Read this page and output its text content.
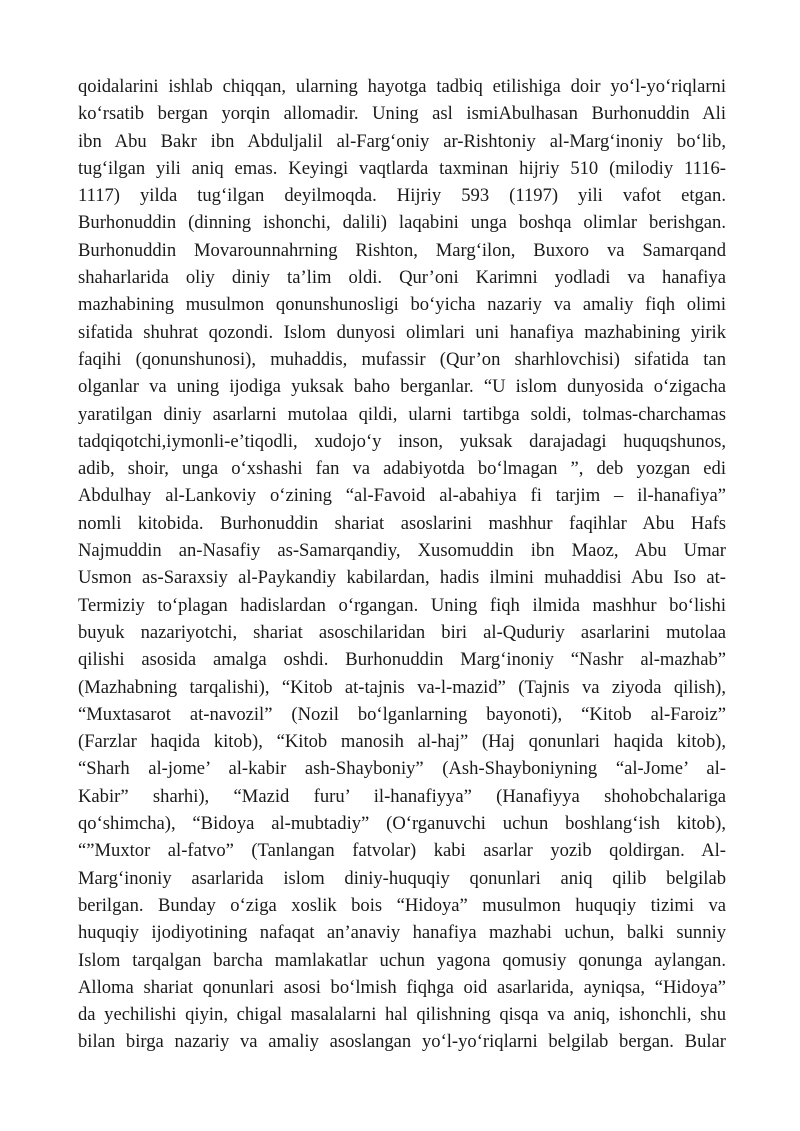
qoidalarini ishlab chiqqan, ularning hayotga tadbiq etilishiga doir yo‘l-yo‘riqlarni
ko‘rsatib bergan yorqin allomadir. Uning asl ismiAbulhasan Burhonuddin Ali
ibn Abu Bakr ibn Abduljalil al-Farg‘oniy ar-Rishtoniy al-Marg‘inoniy bo‘lib,
tug‘ilgan yili aniq emas. Keyingi vaqtlarda taxminan hijriy 510 (milodiy 1116-
1117) yilda tug‘ilgan deyilmoqda. Hijriy 593 (1197) yili vafot etgan.
Burhonuddin (dinning ishonchi, dalili) laqabini unga boshqa olimlar berishgan.
Burhonuddin Movarounnahrning Rishton, Marg‘ilon, Buxoro va Samarqand
shaharlarida oliy diniy ta’lim oldi. Qur’oni Karimni yodladi va hanafiya
mazhabining musulmon qonunshunosligi bo‘yicha nazariy va amaliy fiqh olimi
sifatida shuhrat qozondi. Islom dunyosi olimlari uni hanafiya mazhabining yirik
faqihi (qonunshunosi), muhaddis, mufassir (Qur’on sharhlovchisi) sifatida tan
olganlar va uning ijodiga yuksak baho berganlar. “U islom dunyosida o‘zigacha
yaratilgan diniy asarlarni mutolaa qildi, ularni tartibga soldi, tolmas-charchamas
tadqiqotchi,iymonli-e’tiqodli, xudojo‘y inson, yuksak darajadagi huquqshunos,
adib, shoir, unga o‘xshashi fan va adabiyotda bo‘lmagan ”, deb yozgan edi
Abdulhay al-Lankoviy o‘zining “al-Favoid al-abahiya fi tarjim – il-hanafiya”
nomli kitobida. Burhonuddin shariat asoslarini mashhur faqihlar Abu Hafs
Najmuddin an-Nasafiy as-Samarqandiy, Xusomuddin ibn Maoz, Abu Umar
Usmon as-Saraxsiy al-Paykandiy kabilardan, hadis ilmini muhaddisi Abu Iso at-
Termiziy to‘plagan hadislardan o‘rgangan. Uning fiqh ilmida mashhur bo‘lishi
buyuk nazariyotchi, shariat asoschilaridan biri al-Quduriy asarlarini mutolaa
qilishi asosida amalga oshdi. Burhonuddin Marg‘inoniy “Nashr al-mazhab”
(Mazhabning tarqalishi), “Kitob at-tajnis va-l-mazid” (Tajnis va ziyoda qilish),
“Muxtasarot at-navozil” (Nozil bo‘lganlarning bayonoti), “Kitob al-Faroiz”
(Farzlar haqida kitob), “Kitob manosih al-haj” (Haj qonunlari haqida kitob),
“Sharh al-jome’ al-kabir ash-Shayboniy” (Ash-Shayboniyning “al-Jome’ al-
Kabir” sharhi), “Mazid furu’ il-hanafiyya” (Hanafiyya shohobchalariga
qo‘shimcha), “Bidoya al-mubtadiy” (O‘rganuvchi uchun boshlang‘ish kitob),
“”Muxtor al-fatvo” (Tanlangan fatvolar) kabi asarlar yozib qoldirgan. Al-
Marg‘inoniy asarlarida islom diniy-huquqiy qonunlari aniq qilib belgilab
berilgan. Bunday o‘ziga xoslik bois “Hidoya” musulmon huquqiy tizimi va
huquqiy ijodiyotining nafaqat an’anaviy hanafiya mazhabi uchun, balki sunniy
Islom tarqalgan barcha mamlakatlar uchun yagona qomusiy qonunga aylangan.
Alloma shariat qonunlari asosi bo‘lmish fiqhga oid asarlarida, ayniqsa, “Hidoya”
da yechilishi qiyin, chigal masalalarni hal qilishning qisqa va aniq, ishonchli, shu
bilan birga nazariy va amaliy asoslangan yo‘l-yo‘riqlarni belgilab bergan. Bular
